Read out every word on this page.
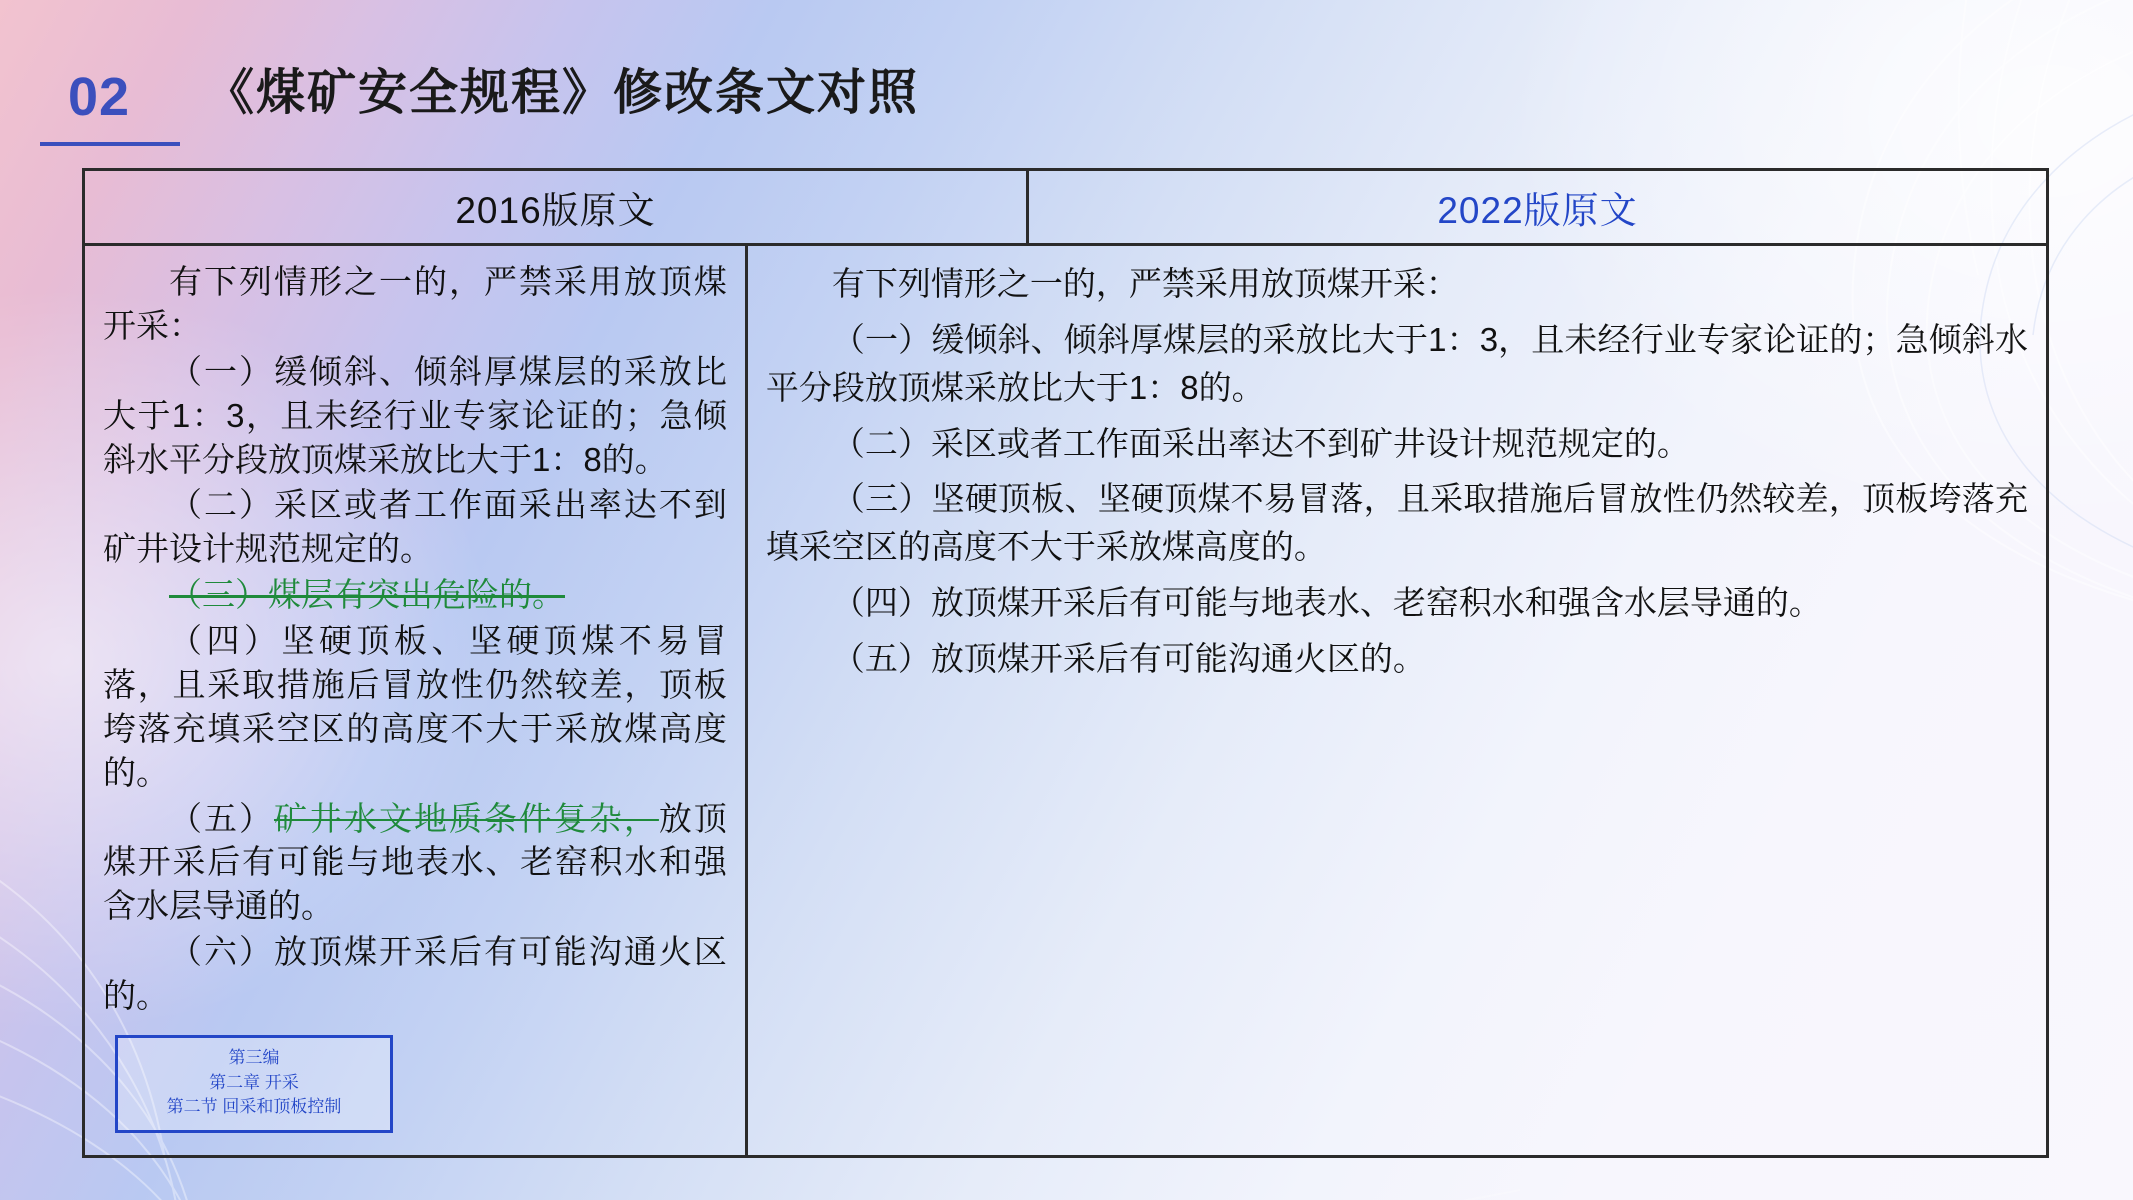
02 《煤矿安全规程》修改条文对照
2016版原文	2022版原文

有下列情形之一的，严禁采用放顶煤开采：

（一）缓倾斜、倾斜厚煤层的采放比大于1：3，且未经行业专家论证的；急倾斜水平分段放顶煤采放比大于1：8的。

（二）采区或者工作面采出率达不到矿井设计规范规定的。

（三）煤层有突出危险的。

（四）坚硬顶板、坚硬顶煤不易冒落，且采取措施后冒放性仍然较差，顶板垮落充填采空区的高度不大于采放煤高度的。

（五）矿井水文地质条件复杂，放顶煤开采后有可能与地表水、老窑积水和强含水层导通的。

（六）放顶煤开采后有可能沟通火区的。

第三编
第二章 开采
第二节 回采和顶板控制

有下列情形之一的，严禁采用放顶煤开采：

（一）缓倾斜、倾斜厚煤层的采放比大于1：3，且未经行业专家论证的；急倾斜水平分段放顶煤采放比大于1：8的。

（二）采区或者工作面采出率达不到矿井设计规范规定的。

（三）坚硬顶板、坚硬顶煤不易冒落，且采取措施后冒放性仍然较差，顶板垮落充填采空区的高度不大于采放煤高度的。

（四）放顶煤开采后有可能与地表水、老窑积水和强含水层导通的。

（五）放顶煤开采后有可能沟通火区的。
